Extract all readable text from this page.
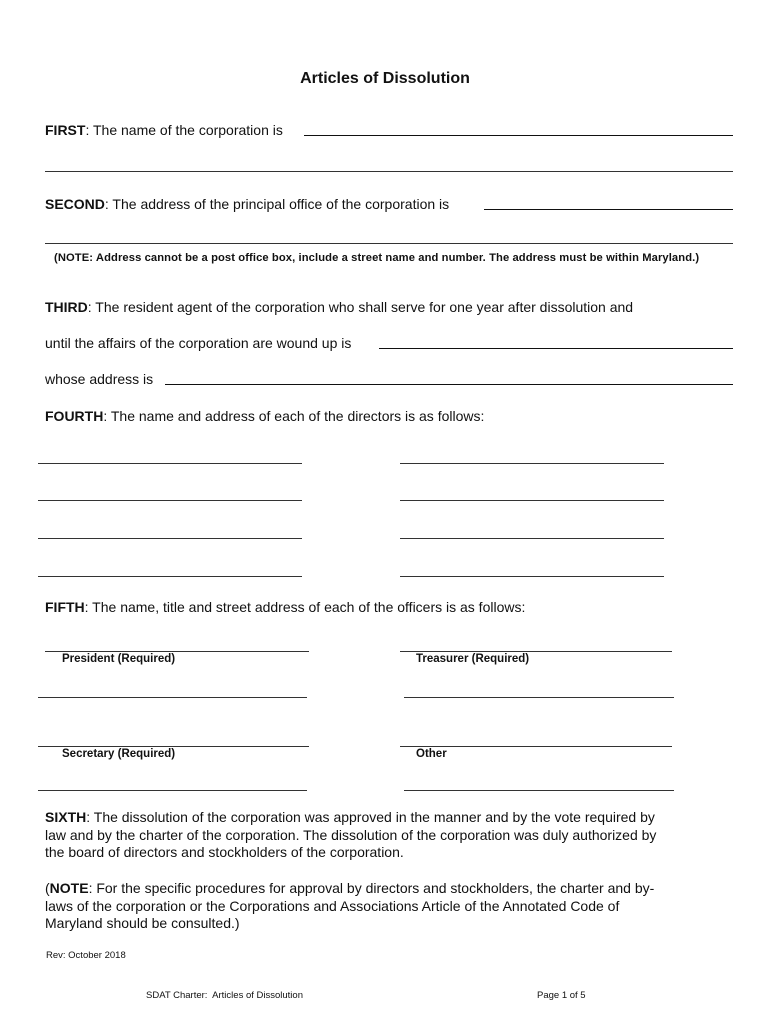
Articles of Dissolution
FIRST: The name of the corporation is
SECOND: The address of the principal office of the corporation is
(NOTE: Address cannot be a post office box, include a street name and number. The address must be within Maryland.)
THIRD: The resident agent of the corporation who shall serve for one year after dissolution and
until the affairs of the corporation are wound up is
whose address is
FOURTH: The name and address of each of the directors is as follows:
FIFTH: The name, title and street address of each of the officers is as follows:
President (Required)	Treasurer (Required)
Secretary (Required)	Other
SIXTH: The dissolution of the corporation was approved in the manner and by the vote required by
law and by the charter of the corporation. The dissolution of the corporation was duly authorized by
the board of directors and stockholders of the corporation.
(NOTE: For the specific procedures for approval by directors and stockholders, the charter and by-
laws of the corporation or the Corporations and Associations Article of the Annotated Code of
Maryland should be consulted.)
Rev: October 2018
SDAT Charter:  Articles of Dissolution	Page 1 of 5
